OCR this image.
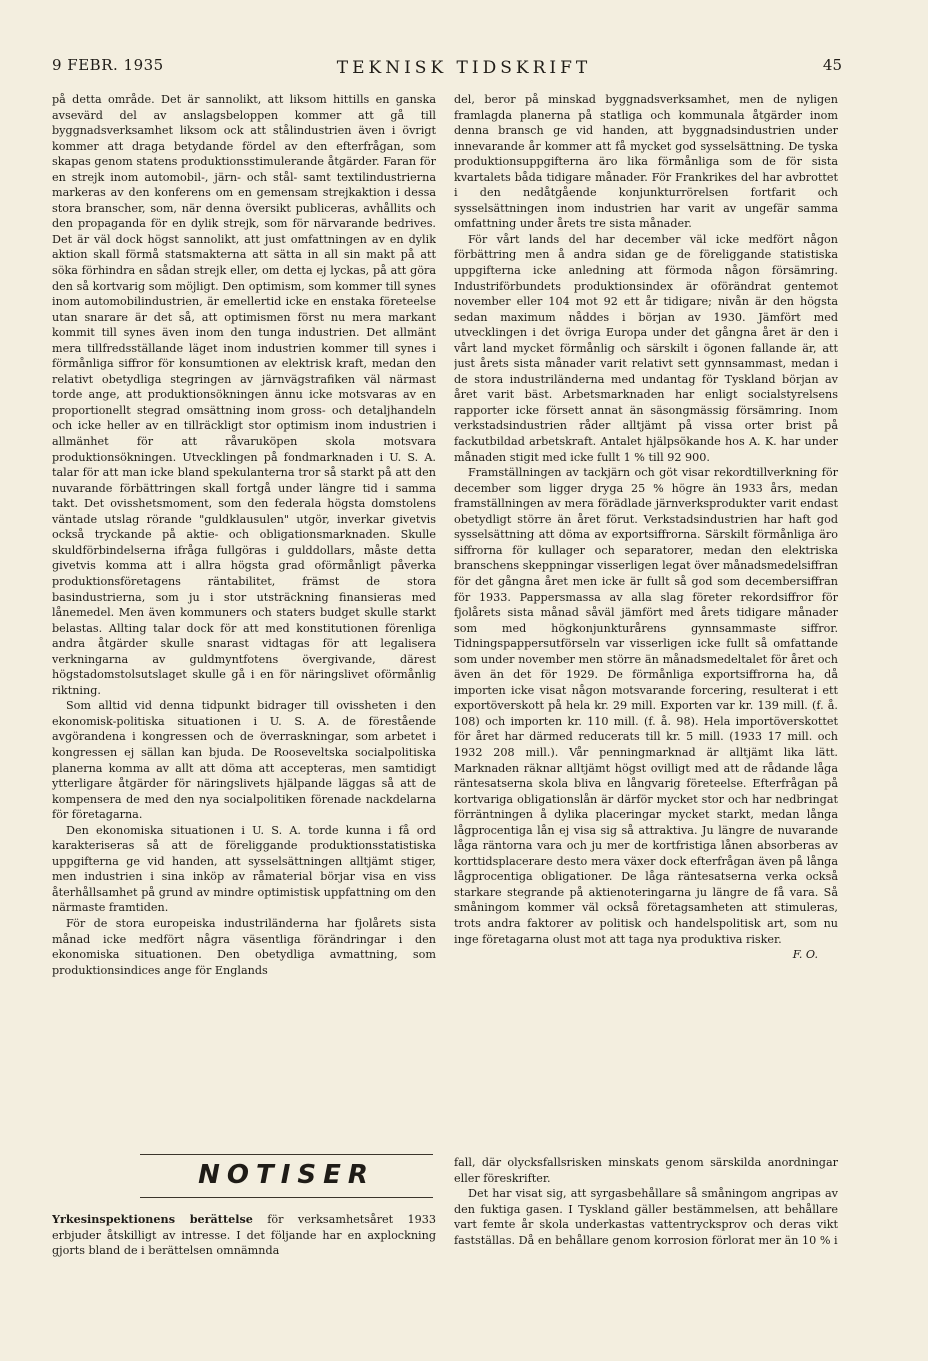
9 FEBR. 1935	TEKNISK TIDSKRIFT	45

på detta område. Det är sannolikt, att liksom hittills en ganska avsevärd del av anslagsbeloppen kommer att gå till byggnadsverksamhet liksom ock att stålindustrien även i övrigt kommer att draga betydande fördel av den efterfrågan, som skapas genom statens produktionsstimulerande åtgärder. Faran för en strejk inom automobil-, järn- och stål- samt textilindustrierna markeras av den konferens om en gemensam strejkaktion i dessa stora branscher, som, när denna översikt publiceras, avhållits och den propaganda för en dylik strejk, som för närvarande bedrives. Det är väl dock högst sannolikt, att just omfattningen av en dylik aktion skall förmå statsmakterna att sätta in all sin makt på att söka förhindra en sådan strejk eller, om detta ej lyckas, på att göra den så kortvarig som möjligt. Den optimism, som kommer till synes inom automobilindustrien, är emellertid icke en enstaka företeelse utan snarare är det så, att optimismen först nu mera markant kommit till synes även inom den tunga industrien. Det allmänt mera tillfredsställande läget inom industrien kommer till synes i förmånliga siffror för konsumtionen av elektrisk kraft, medan den relativt obetydliga stegringen av järnvägstrafiken väl närmast torde ange, att produktionsökningen ännu icke motsvaras av en proportionellt stegrad omsättning inom gross- och detaljhandeln och icke heller av en tillräckligt stor optimism inom industrien i allmänhet för att råvaruköpen skola motsvara produktionsökningen. Utvecklingen på fondmarknaden i U. S. A. talar för att man icke bland spekulanterna tror så starkt på att den nuvarande förbättringen skall fortgå under längre tid i samma takt. Det ovisshetsmoment, som den federala högsta domstolens väntade utslag rörande "guldklausulen" utgör, inverkar givetvis också tryckande på aktie- och obligationsmarknaden. Skulle skuldförbindelserna ifråga fullgöras i gulddollars, måste detta givetvis komma att i allra högsta grad oförmånligt påverka produktionsföretagens räntabilitet, främst de stora basindustrierna, som ju i stor utsträckning finansieras med lånemedel. Men även kommuners och staters budget skulle starkt belastas. Allting talar dock för att med konstitutionen förenliga andra åtgärder skulle snarast vidtagas för att legalisera verkningarna av guldmyntfotens övergivande, därest högstadomstolsutslaget skulle gå i en för näringslivet oförmånlig riktning.

Som alltid vid denna tidpunkt bidrager till ovissheten i den ekonomisk-politiska situationen i U. S. A. de förestående avgörandena i kongressen och de överraskningar, som arbetet i kongressen ej sällan kan bjuda. De Rooseveltska socialpolitiska planerna komma av allt att döma att accepteras, men samtidigt ytterligare åtgärder för näringslivets hjälpande läggas så att de kompensera de med den nya socialpolitiken förenade nackdelarna för företagarna.

Den ekonomiska situationen i U. S. A. torde kunna i få ord karakteriseras så att de föreliggande produktionsstatistiska uppgifterna ge vid handen, att sysselsättningen alltjämt stiger, men industrien i sina inköp av råmaterial börjar visa en viss återhållsamhet på grund av mindre optimistisk uppfattning om den närmaste framtiden.

För de stora europeiska industriländerna har fjolårets sista månad icke medfört några väsentliga förändringar i den ekonomiska situationen. Den obetydliga avmattning, som produktionsindices ange för Englands

del, beror på minskad byggnadsverksamhet, men de nyligen framlagda planerna på statliga och kommunala åtgärder inom denna bransch ge vid handen, att byggnadsindustrien under innevarande år kommer att få mycket god sysselsättning. De tyska produktionsuppgifterna äro lika förmånliga som de för sista kvartalets båda tidigare månader. För Frankrikes del har avbrottet i den nedåtgående konjunkturrörelsen fortfarit och sysselsättningen inom industrien har varit av ungefär samma omfattning under årets tre sista månader.

För vårt lands del har december väl icke medfört någon förbättring men å andra sidan ge de föreliggande statistiska uppgifterna icke anledning att förmoda någon försämring. Industriförbundets produktionsindex är oförändrat gentemot november eller 104 mot 92 ett år tidigare; nivån är den högsta sedan maximum nåddes i början av 1930. Jämfört med utvecklingen i det övriga Europa under det gångna året är den i vårt land mycket förmånlig och särskilt i ögonen fallande är, att just årets sista månader varit relativt sett gynnsammast, medan i de stora industriländerna med undantag för Tyskland början av året varit bäst. Arbetsmarknaden har enligt socialstyrelsens rapporter icke försett annat än säsongmässig försämring. Inom verkstadsindustrien råder alltjämt på vissa orter brist på fackutbildad arbetskraft. Antalet hjälpsökande hos A. K. har under månaden stigit med icke fullt 1 % till 92 900.

Framställningen av tackjärn och göt visar rekordtillverkning för december som ligger dryga 25 % högre än 1933 års, medan framställningen av mera förädlade järnverksprodukter varit endast obetydligt större än året förut. Verkstadsindustrien har haft god sysselsättning att döma av exportsiffrorna. Särskilt förmånliga äro siffrorna för kullager och separatorer, medan den elektriska branschens skeppningar visserligen legat över månadsmedelsiffran för det gångna året men icke är fullt så god som decembersiffran för 1933. Pappersmassa av alla slag företer rekordsiffror för fjolårets sista månad såväl jämfört med årets tidigare månader som med högkonjunkturårens gynnsammaste siffror. Tidningspappersutförseln var visserligen icke fullt så omfattande som under november men större än månadsmedeltalet för året och även än det för 1929. De förmånliga exportsiffrorna ha, då importen icke visat någon motsvarande forcering, resulterat i ett exportöverskott på hela kr. 29 mill. Exporten var kr. 139 mill. (f. å. 108) och importen kr. 110 mill. (f. å. 98). Hela importöverskottet för året har därmed reducerats till kr. 5 mill. (1933 17 mill. och 1932 208 mill.). Vår penningmarknad är alltjämt lika lätt. Marknaden räknar alltjämt högst ovilligt med att de rådande låga räntesatserna skola bliva en långvarig företeelse. Efterfrågan på kortvariga obligationslån är därför mycket stor och har nedbringat förräntningen å dylika placeringar mycket starkt, medan långa lågprocentiga lån ej visa sig så attraktiva. Ju längre de nuvarande låga räntorna vara och ju mer de kortfristiga lånen absorberas av korttidsplacerare desto mera växer dock efterfrågan även på långa lågprocentiga obligationer. De låga räntesatserna verka också starkare stegrande på aktienoteringarna ju längre de få vara. Så småningom kommer väl också företagsamheten att stimuleras, trots andra faktorer av politisk och handelspolitisk art, som nu inge företagarna olust mot att taga nya produktiva risker.

F. O.
NOTISER

Yrkesinspektionens berättelse för verksamhetsåret 1933 erbjuder åtskilligt av intresse. I det följande har en axplockning gjorts bland de i berättelsen omnämnda

fall, där olycksfallsrisken minskats genom särskilda anordningar eller föreskrifter.

Det har visat sig, att syrgasbehållare så småningom angripas av den fuktiga gasen. I Tyskland gäller bestämmelsen, att behållare vart femte år skola underkastas vattentrycksprov och deras vikt fastställas. Då en behållare genom korrosion förlorat mer än 10 % i
